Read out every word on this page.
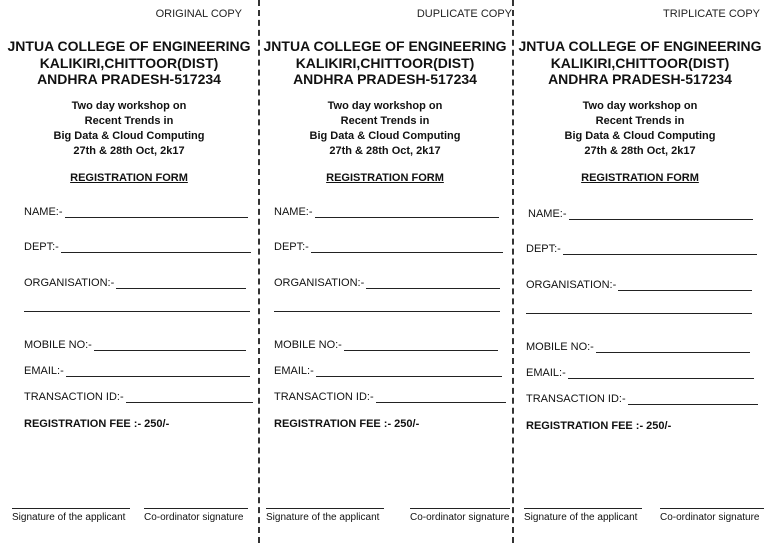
ORIGINAL COPY
JNTUA COLLEGE OF ENGINEERING
KALIKIRI,CHITTOOR(DIST)
ANDHRA PRADESH-517234
Two day workshop on
Recent Trends in
Big Data & Cloud Computing
27th & 28th Oct, 2k17
REGISTRATION FORM
NAME:-
DEPT:-
ORGANISATION:-
MOBILE NO:-
EMAIL:-
TRANSACTION ID:-
REGISTRATION FEE :- 250/-
Signature of the applicant	Co-ordinator signature
DUPLICATE COPY
JNTUA COLLEGE OF ENGINEERING
KALIKIRI,CHITTOOR(DIST)
ANDHRA PRADESH-517234
Two day workshop on
Recent Trends in
Big Data & Cloud Computing
27th & 28th Oct, 2k17
REGISTRATION FORM
NAME:-
DEPT:-
ORGANISATION:-
MOBILE NO:-
EMAIL:-
TRANSACTION ID:-
REGISTRATION FEE :- 250/-
Signature of the applicant	Co-ordinator signature
TRIPLICATE COPY
JNTUA COLLEGE OF ENGINEERING
KALIKIRI,CHITTOOR(DIST)
ANDHRA PRADESH-517234
Two day workshop on
Recent Trends in
Big Data & Cloud Computing
27th & 28th Oct, 2k17
REGISTRATION FORM
NAME:-
DEPT:-
ORGANISATION:-
MOBILE NO:-
EMAIL:-
TRANSACTION ID:-
REGISTRATION FEE :- 250/-
Signature of the applicant	Co-ordinator signature
